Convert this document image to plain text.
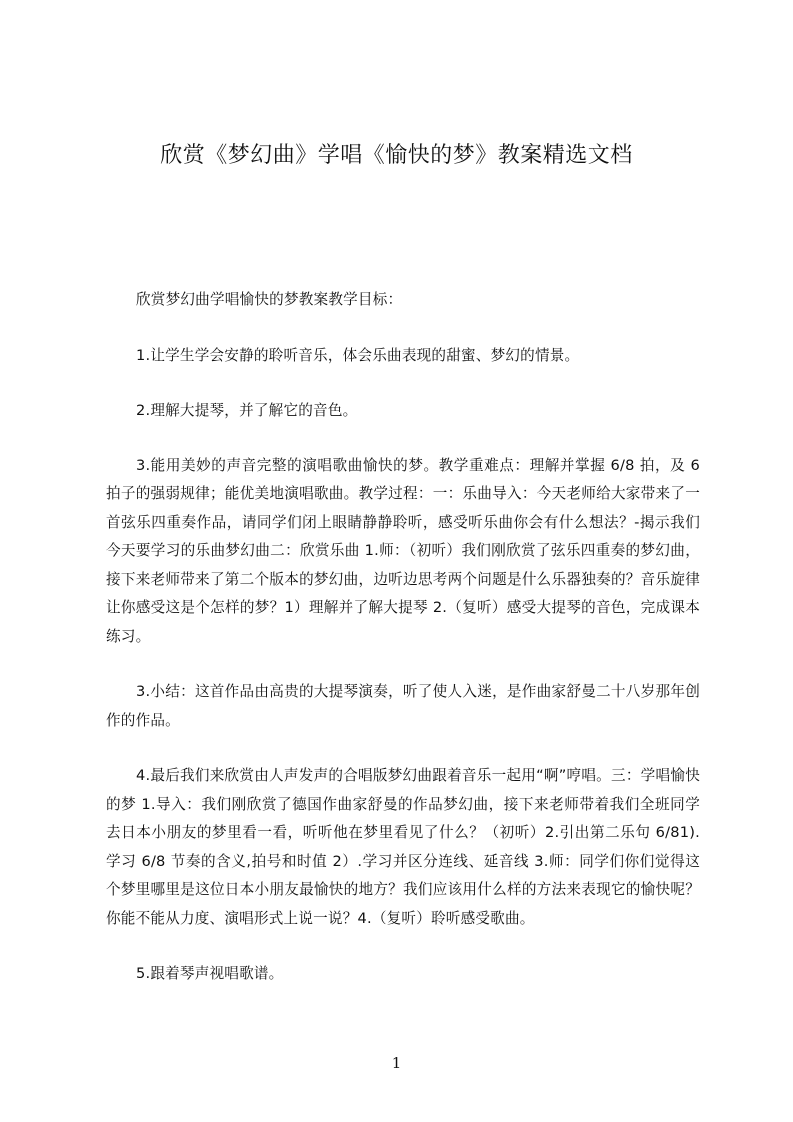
欣赏《梦幻曲》学唱《愉快的梦》教案精选文档

欣赏梦幻曲学唱愉快的梦教案教学目标：

1.让学生学会安静的聆听音乐，体会乐曲表现的甜蜜、梦幻的情景。

2.理解大提琴，并了解它的音色。

3.能用美妙的声音完整的演唱歌曲愉快的梦。教学重难点：理解并掌握 6/8 拍，及 6 拍子的强弱规律；能优美地演唱歌曲。教学过程：一：乐曲导入：今天老师给大家带来了一首弦乐四重奏作品，请同学们闭上眼睛静静聆听，感受听乐曲你会有什么想法？-揭示我们今天要学习的乐曲梦幻曲二：欣赏乐曲 1.师：（初听）我们刚欣赏了弦乐四重奏的梦幻曲，接下来老师带来了第二个版本的梦幻曲，边听边思考两个问题是什么乐器独奏的？音乐旋律让你感受这是个怎样的梦？1）理解并了解大提琴 2.（复听）感受大提琴的音色，完成课本练习。

3.小结：这首作品由高贵的大提琴演奏，听了使人入迷，是作曲家舒曼二十八岁那年创作的作品。

4.最后我们来欣赏由人声发声的合唱版梦幻曲跟着音乐一起用“啊”哼唱。三：学唱愉快的梦 1.导入：我们刚欣赏了德国作曲家舒曼的作品梦幻曲，接下来老师带着我们全班同学去日本小朋友的梦里看一看，听听他在梦里看见了什么？（初听）2.引出第二乐句 6/81).学习 6/8 节奏的含义,拍号和时值 2）.学习并区分连线、延音线 3.师：同学们你们觉得这个梦里哪里是这位日本小朋友最愉快的地方？我们应该用什么样的方法来表现它的愉快呢？你能不能从力度、演唱形式上说一说？4.（复听）聆听感受歌曲。

5.跟着琴声视唱歌谱。

1
